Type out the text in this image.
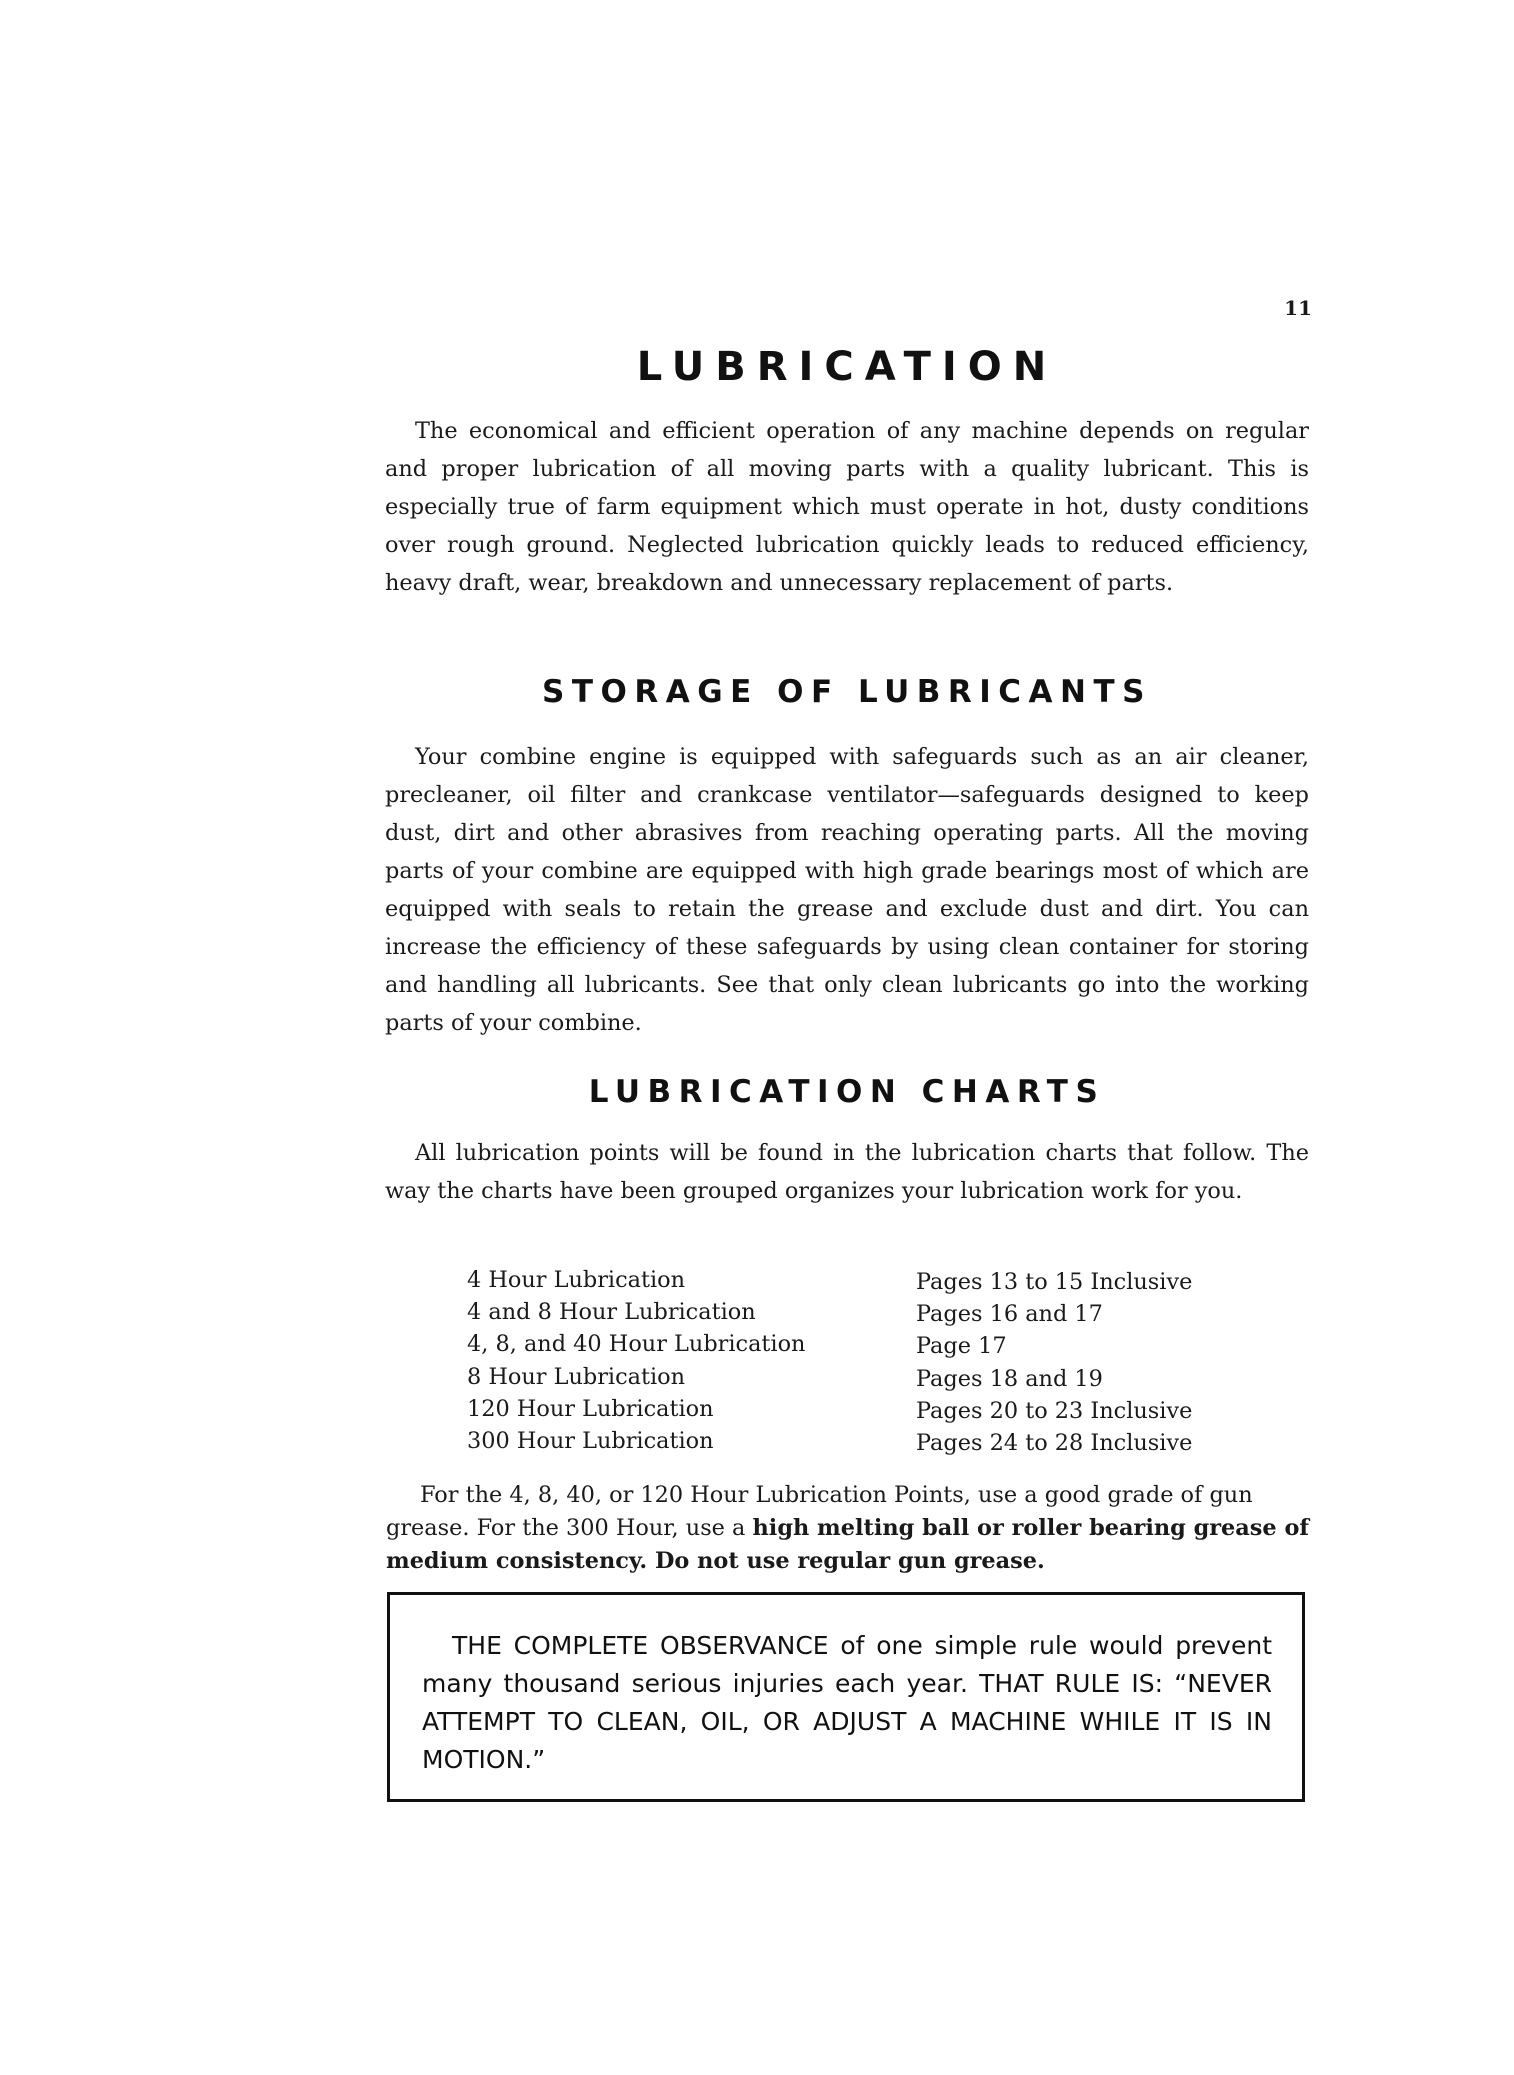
11
LUBRICATION

The economical and efficient operation of any machine depends on regular and proper lubrication of all moving parts with a quality lubricant. This is especially true of farm equipment which must operate in hot, dusty conditions over rough ground. Neglected lubrication quickly leads to reduced efficiency, heavy draft, wear, breakdown and unnecessary replacement of parts.

STORAGE OF LUBRICANTS

Your combine engine is equipped with safeguards such as an air cleaner, precleaner, oil filter and crankcase ventilator—safeguards designed to keep dust, dirt and other abrasives from reaching operating parts. All the moving parts of your combine are equipped with high grade bearings most of which are equipped with seals to retain the grease and exclude dust and dirt. You can increase the efficiency of these safeguards by using clean container for storing and handling all lubricants. See that only clean lubricants go into the working parts of your combine.

LUBRICATION CHARTS

All lubrication points will be found in the lubrication charts that follow. The way the charts have been grouped organizes your lubrication work for you.

4 Hour Lubrication	Pages 13 to 15 Inclusive
4 and 8 Hour Lubrication	Pages 16 and 17
4, 8, and 40 Hour Lubrication	Page 17
8 Hour Lubrication	Pages 18 and 19
120 Hour Lubrication	Pages 20 to 23 Inclusive
300 Hour Lubrication	Pages 24 to 28 Inclusive

For the 4, 8, 40, or 120 Hour Lubrication Points, use a good grade of gun grease. For the 300 Hour, use a high melting ball or roller bearing grease of medium consistency. Do not use regular gun grease.

THE COMPLETE OBSERVANCE of one simple rule would prevent many thousand serious injuries each year. THAT RULE IS: “NEVER ATTEMPT TO CLEAN, OIL, OR ADJUST A MACHINE WHILE IT IS IN MOTION.”
